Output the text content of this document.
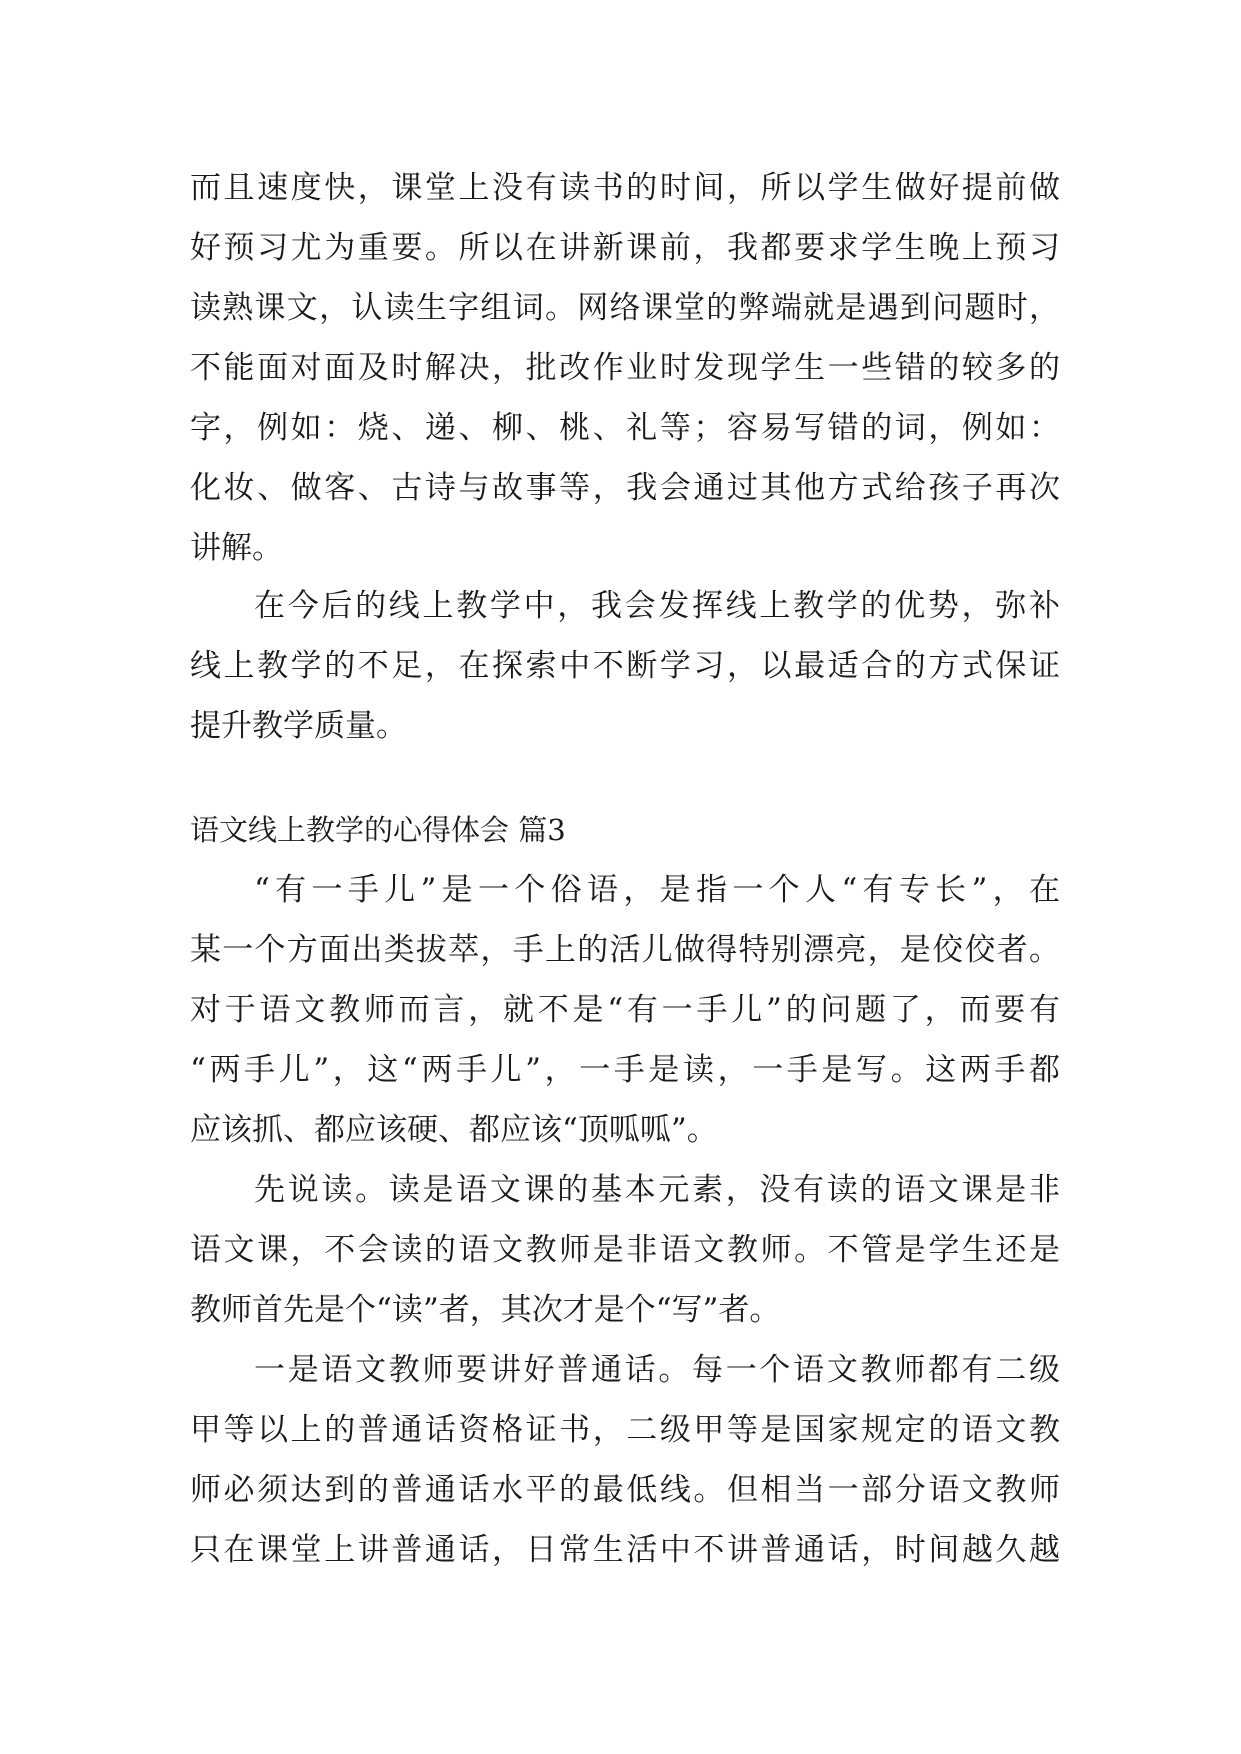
而且速度快，课堂上没有读书的时间，所以学生做好提前做
好预习尤为重要。所以在讲新课前，我都要求学生晚上预习
读熟课文，认读生字组词。网络课堂的弊端就是遇到问题时，
不能面对面及时解决，批改作业时发现学生一些错的较多的
字，例如：烧、递、柳、桃、礼等；容易写错的词，例如：
化妆、做客、古诗与故事等，我会通过其他方式给孩子再次
讲解。
在今后的线上教学中，我会发挥线上教学的优势，弥补
线上教学的不足，在探索中不断学习，以最适合的方式保证
提升教学质量。
语文线上教学的心得体会 篇3
“有一手儿”是一个俗语，是指一个人“有专长”，在
某一个方面出类拔萃，手上的活儿做得特别漂亮，是佼佼者。
对于语文教师而言，就不是“有一手儿”的问题了，而要有
“两手儿”，这“两手儿”，一手是读，一手是写。这两手都
应该抓、都应该硬、都应该“顶呱呱”。
先说读。读是语文课的基本元素，没有读的语文课是非
语文课，不会读的语文教师是非语文教师。不管是学生还是
教师首先是个“读”者，其次才是个“写”者。
一是语文教师要讲好普通话。每一个语文教师都有二级
甲等以上的普通话资格证书，二级甲等是国家规定的语文教
师必须达到的普通话水平的最低线。但相当一部分语文教师
只在课堂上讲普通话，日常生活中不讲普通话，时间越久越
